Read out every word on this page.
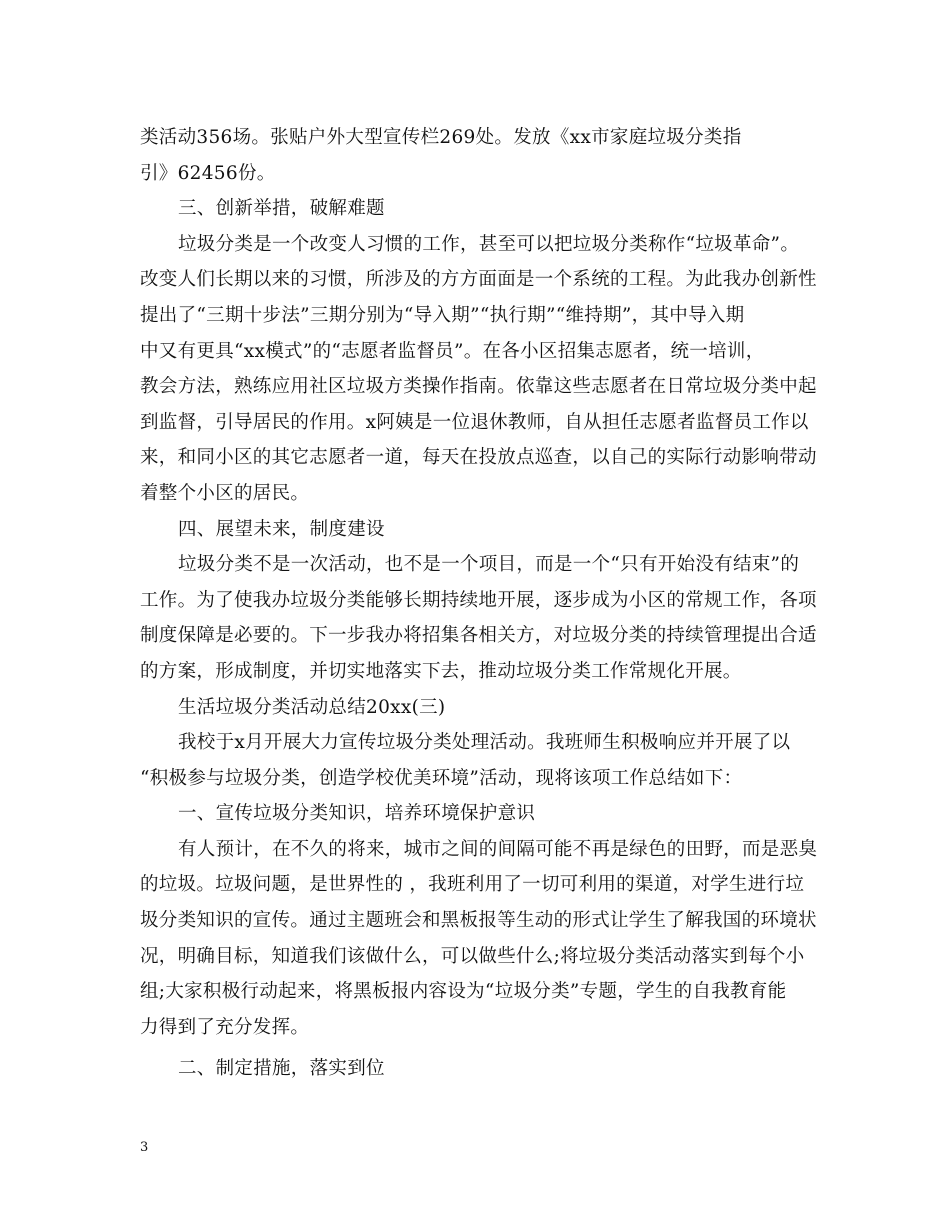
类活动356场。张贴户外大型宣传栏269处。发放《xx市家庭垃圾分类指
引》62456份。
三、创新举措，破解难题
垃圾分类是一个改变人习惯的工作，甚至可以把垃圾分类称作“垃圾革命”。
改变人们长期以来的习惯，所涉及的方方面面是一个系统的工程。为此我办创新性
提出了“三期十步法”三期分别为“导入期”“执行期”“维持期”，其中导入期
中又有更具“xx模式”的“志愿者监督员”。在各小区招集志愿者，统一培训，
教会方法，熟练应用社区垃圾方类操作指南。依靠这些志愿者在日常垃圾分类中起
到监督，引导居民的作用。x阿姨是一位退休教师，自从担任志愿者监督员工作以
来，和同小区的其它志愿者一道，每天在投放点巡查，以自己的实际行动影响带动
着整个小区的居民。
四、展望未来，制度建设
垃圾分类不是一次活动，也不是一个项目，而是一个“只有开始没有结束”的
工作。为了使我办垃圾分类能够长期持续地开展，逐步成为小区的常规工作，各项
制度保障是必要的。下一步我办将招集各相关方，对垃圾分类的持续管理提出合适
的方案，形成制度，并切实地落实下去，推动垃圾分类工作常规化开展。
生活垃圾分类活动总结20xx(三)
我校于x月开展大力宣传垃圾分类处理活动。我班师生积极响应并开展了以
“积极参与垃圾分类，创造学校优美环境”活动，现将该项工作总结如下：
一、宣传垃圾分类知识，培养环境保护意识
有人预计，在不久的将来，城市之间的间隔可能不再是绿色的田野，而是恶臭
的垃圾。垃圾问题，是世界性的 ，我班利用了一切可利用的渠道，对学生进行垃
圾分类知识的宣传。通过主题班会和黑板报等生动的形式让学生了解我国的环境状
况，明确目标，知道我们该做什么，可以做些什么;将垃圾分类活动落实到每个小
组;大家积极行动起来，将黑板报内容设为“垃圾分类”专题，学生的自我教育能
力得到了充分发挥。
二、制定措施，落实到位
3
